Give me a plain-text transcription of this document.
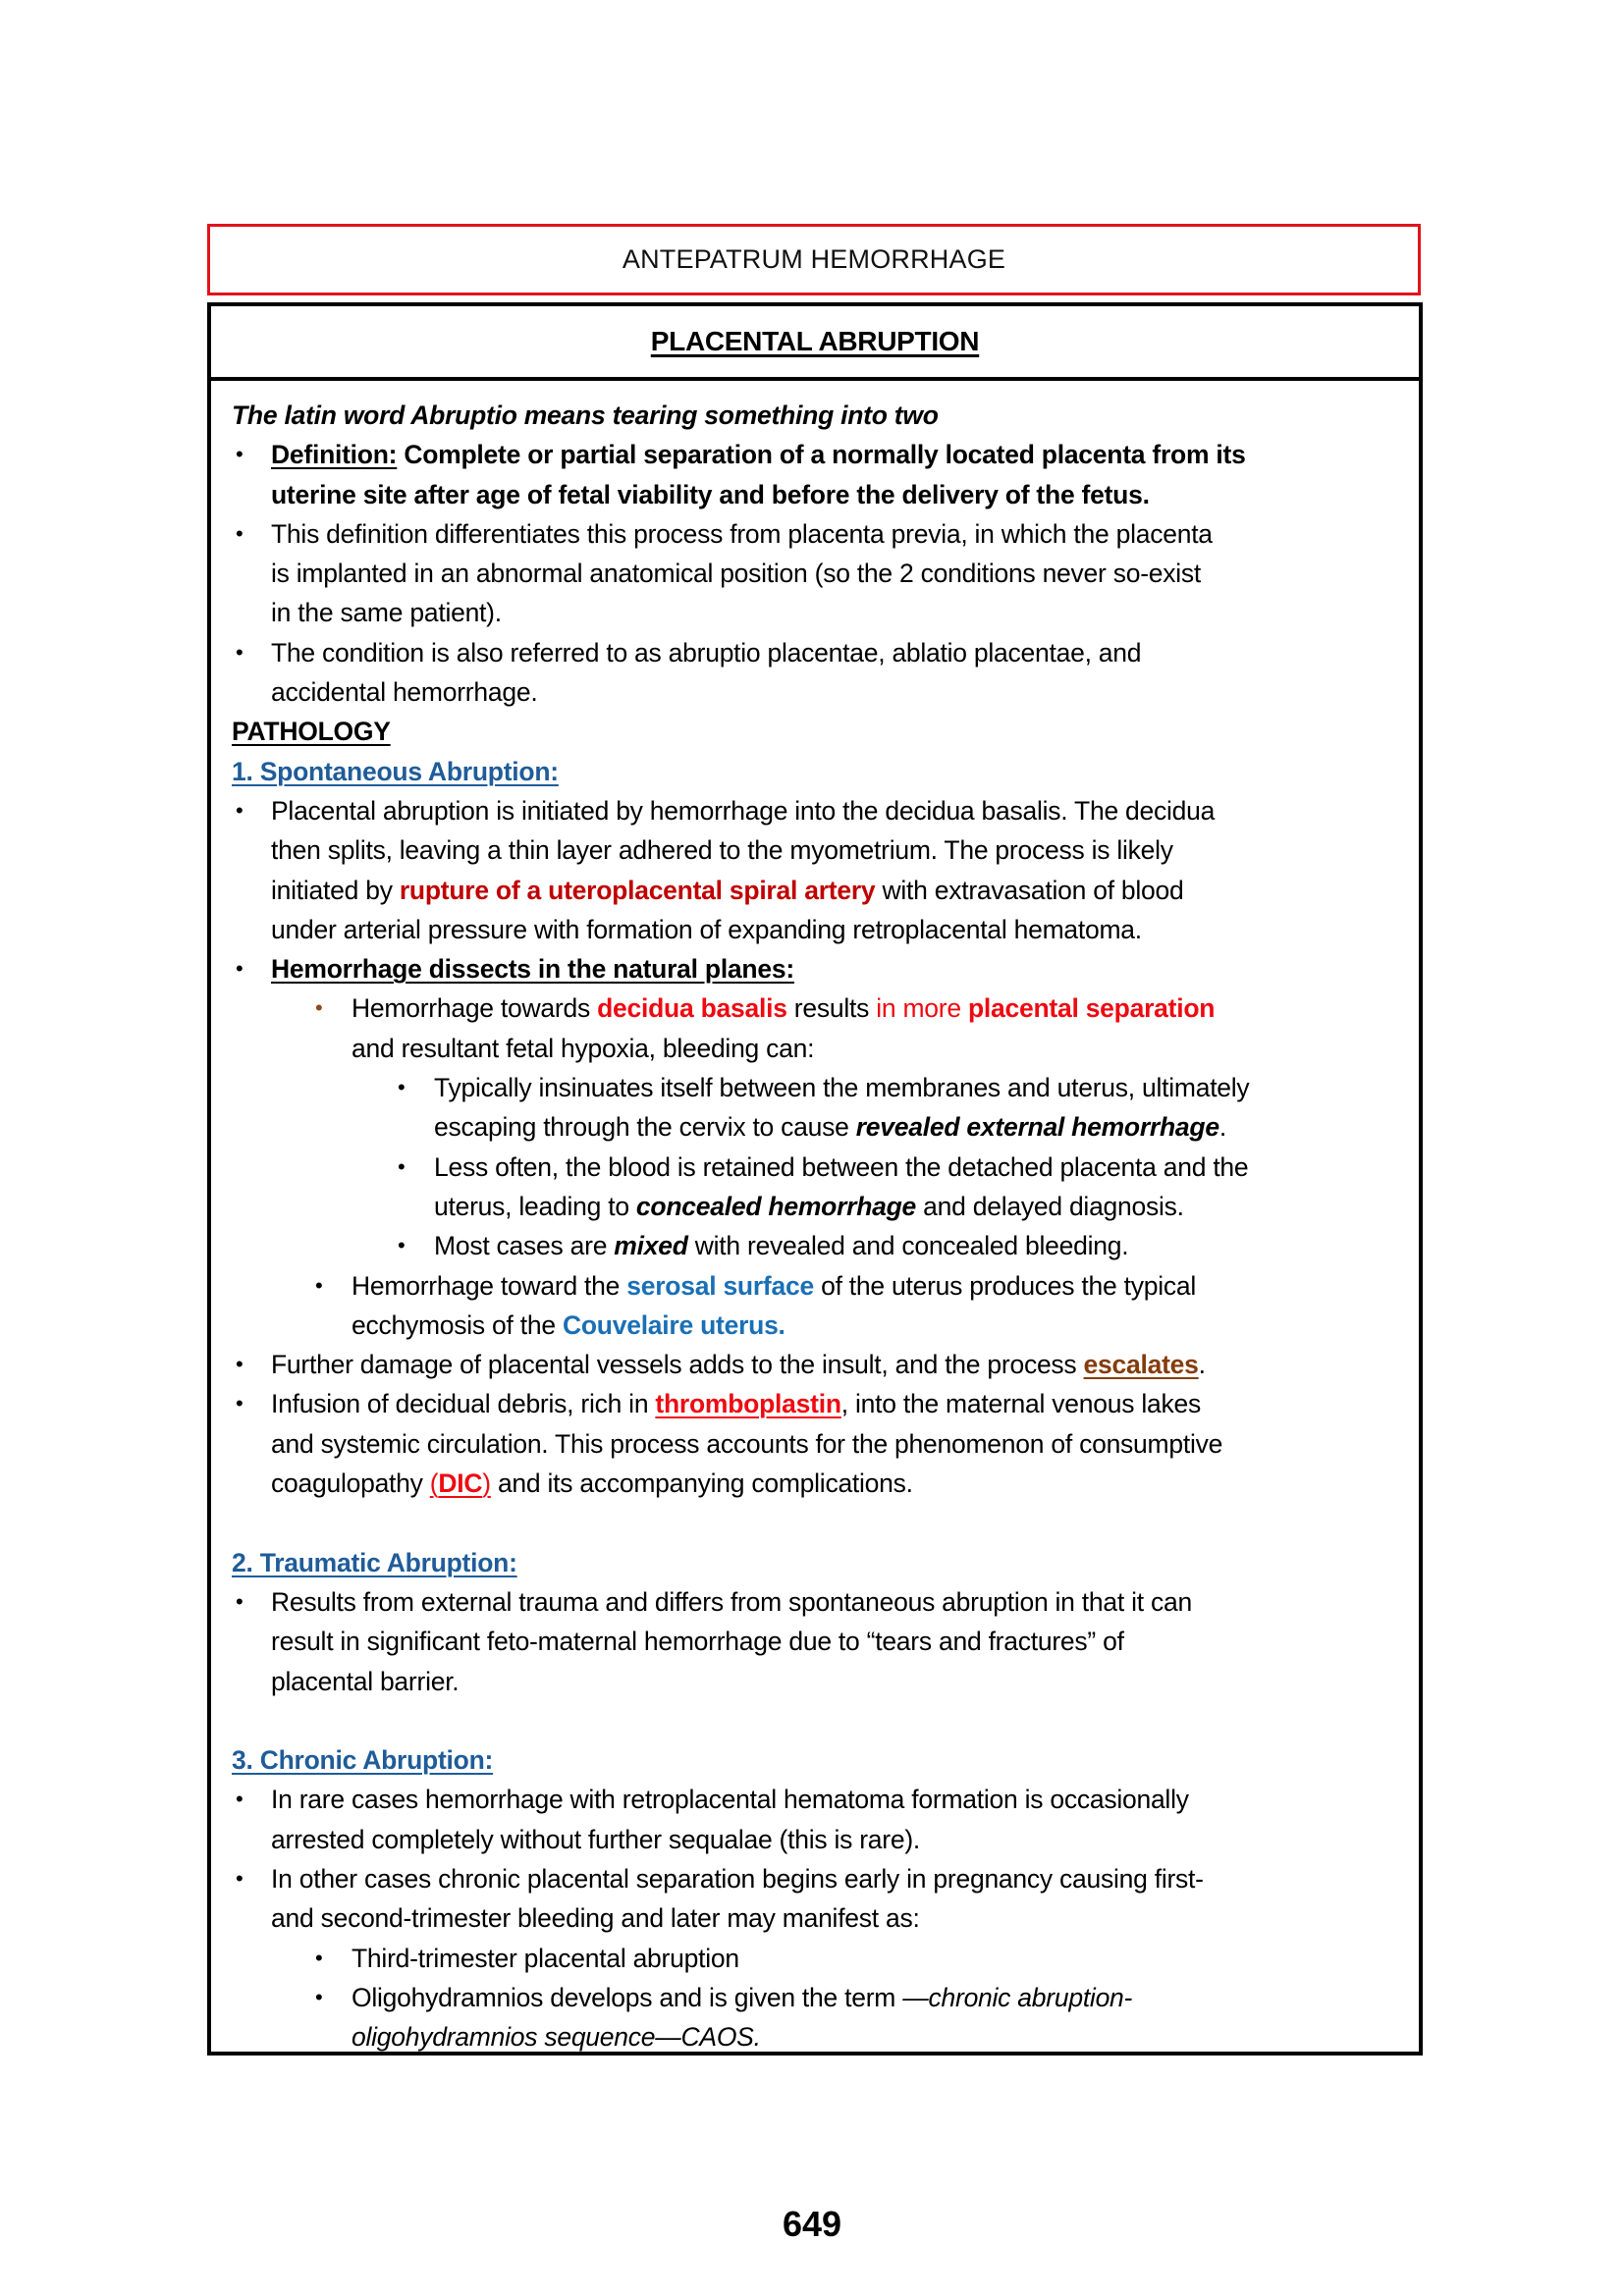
ANTEPATRUM HEMORRHAGE
PLACENTAL ABRUPTION
The latin word Abruptio means tearing something into two
• Definition: Complete or partial separation of a normally located placenta from its
uterine site after age of fetal viability and before the delivery of the fetus.
• This definition differentiates this process from placenta previa, in which the placenta
is implanted in an abnormal anatomical position (so the 2 conditions never so-exist
in the same patient).
• The condition is also referred to as abruptio placentae, ablatio placentae, and
accidental hemorrhage.
PATHOLOGY
1. Spontaneous Abruption:
• Placental abruption is initiated by hemorrhage into the decidua basalis. The decidua
then splits, leaving a thin layer adhered to the myometrium. The process is likely
initiated by rupture of a uteroplacental spiral artery with extravasation of blood
under arterial pressure with formation of expanding retroplacental hematoma.
• Hemorrhage dissects in the natural planes:
• Hemorrhage towards decidua basalis results in more placental separation
and resultant fetal hypoxia, bleeding can:
• Typically insinuates itself between the membranes and uterus, ultimately
escaping through the cervix to cause revealed external hemorrhage.
• Less often, the blood is retained between the detached placenta and the
uterus, leading to concealed hemorrhage and delayed diagnosis.
• Most cases are mixed with revealed and concealed bleeding.
• Hemorrhage toward the serosal surface of the uterus produces the typical
ecchymosis of the Couvelaire uterus.
• Further damage of placental vessels adds to the insult, and the process escalates.
• Infusion of decidual debris, rich in thromboplastin, into the maternal venous lakes
and systemic circulation. This process accounts for the phenomenon of consumptive
coagulopathy (DIC) and its accompanying complications.
2. Traumatic Abruption:
• Results from external trauma and differs from spontaneous abruption in that it can
result in significant feto-maternal hemorrhage due to “tears and fractures” of
placental barrier.
3. Chronic Abruption:
• In rare cases hemorrhage with retroplacental hematoma formation is occasionally
arrested completely without further sequalae (this is rare).
• In other cases chronic placental separation begins early in pregnancy causing first-
and second-trimester bleeding and later may manifest as:
• Third-trimester placental abruption
• Oligohydramnios develops and is given the term —chronic abruption-
oligohydramnios sequence—CAOS.
649
